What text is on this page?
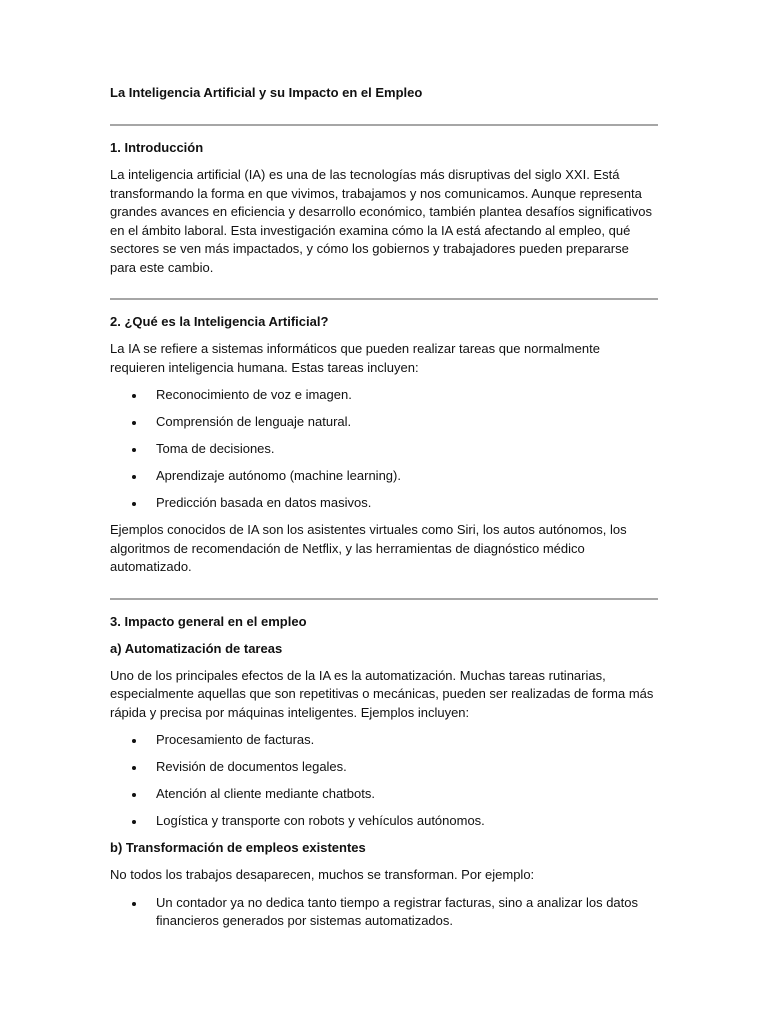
La Inteligencia Artificial y su Impacto en el Empleo
1. Introducción

La inteligencia artificial (IA) es una de las tecnologías más disruptivas del siglo XXI. Está transformando la forma en que vivimos, trabajamos y nos comunicamos. Aunque representa grandes avances en eficiencia y desarrollo económico, también plantea desafíos significativos en el ámbito laboral. Esta investigación examina cómo la IA está afectando al empleo, qué sectores se ven más impactados, y cómo los gobiernos y trabajadores pueden prepararse para este cambio.

2. ¿Qué es la Inteligencia Artificial?

La IA se refiere a sistemas informáticos que pueden realizar tareas que normalmente requieren inteligencia humana. Estas tareas incluyen:

Reconocimiento de voz e imagen.
Comprensión de lenguaje natural.
Toma de decisiones.
Aprendizaje autónomo (machine learning).
Predicción basada en datos masivos.

Ejemplos conocidos de IA son los asistentes virtuales como Siri, los autos autónomos, los algoritmos de recomendación de Netflix, y las herramientas de diagnóstico médico automatizado.

3. Impacto general en el empleo
a) Automatización de tareas

Uno de los principales efectos de la IA es la automatización. Muchas tareas rutinarias, especialmente aquellas que son repetitivas o mecánicas, pueden ser realizadas de forma más rápida y precisa por máquinas inteligentes. Ejemplos incluyen:

Procesamiento de facturas.
Revisión de documentos legales.
Atención al cliente mediante chatbots.
Logística y transporte con robots y vehículos autónomos.
b) Transformación de empleos existentes

No todos los trabajos desaparecen, muchos se transforman. Por ejemplo:

Un contador ya no dedica tanto tiempo a registrar facturas, sino a analizar los datos financieros generados por sistemas automatizados.
